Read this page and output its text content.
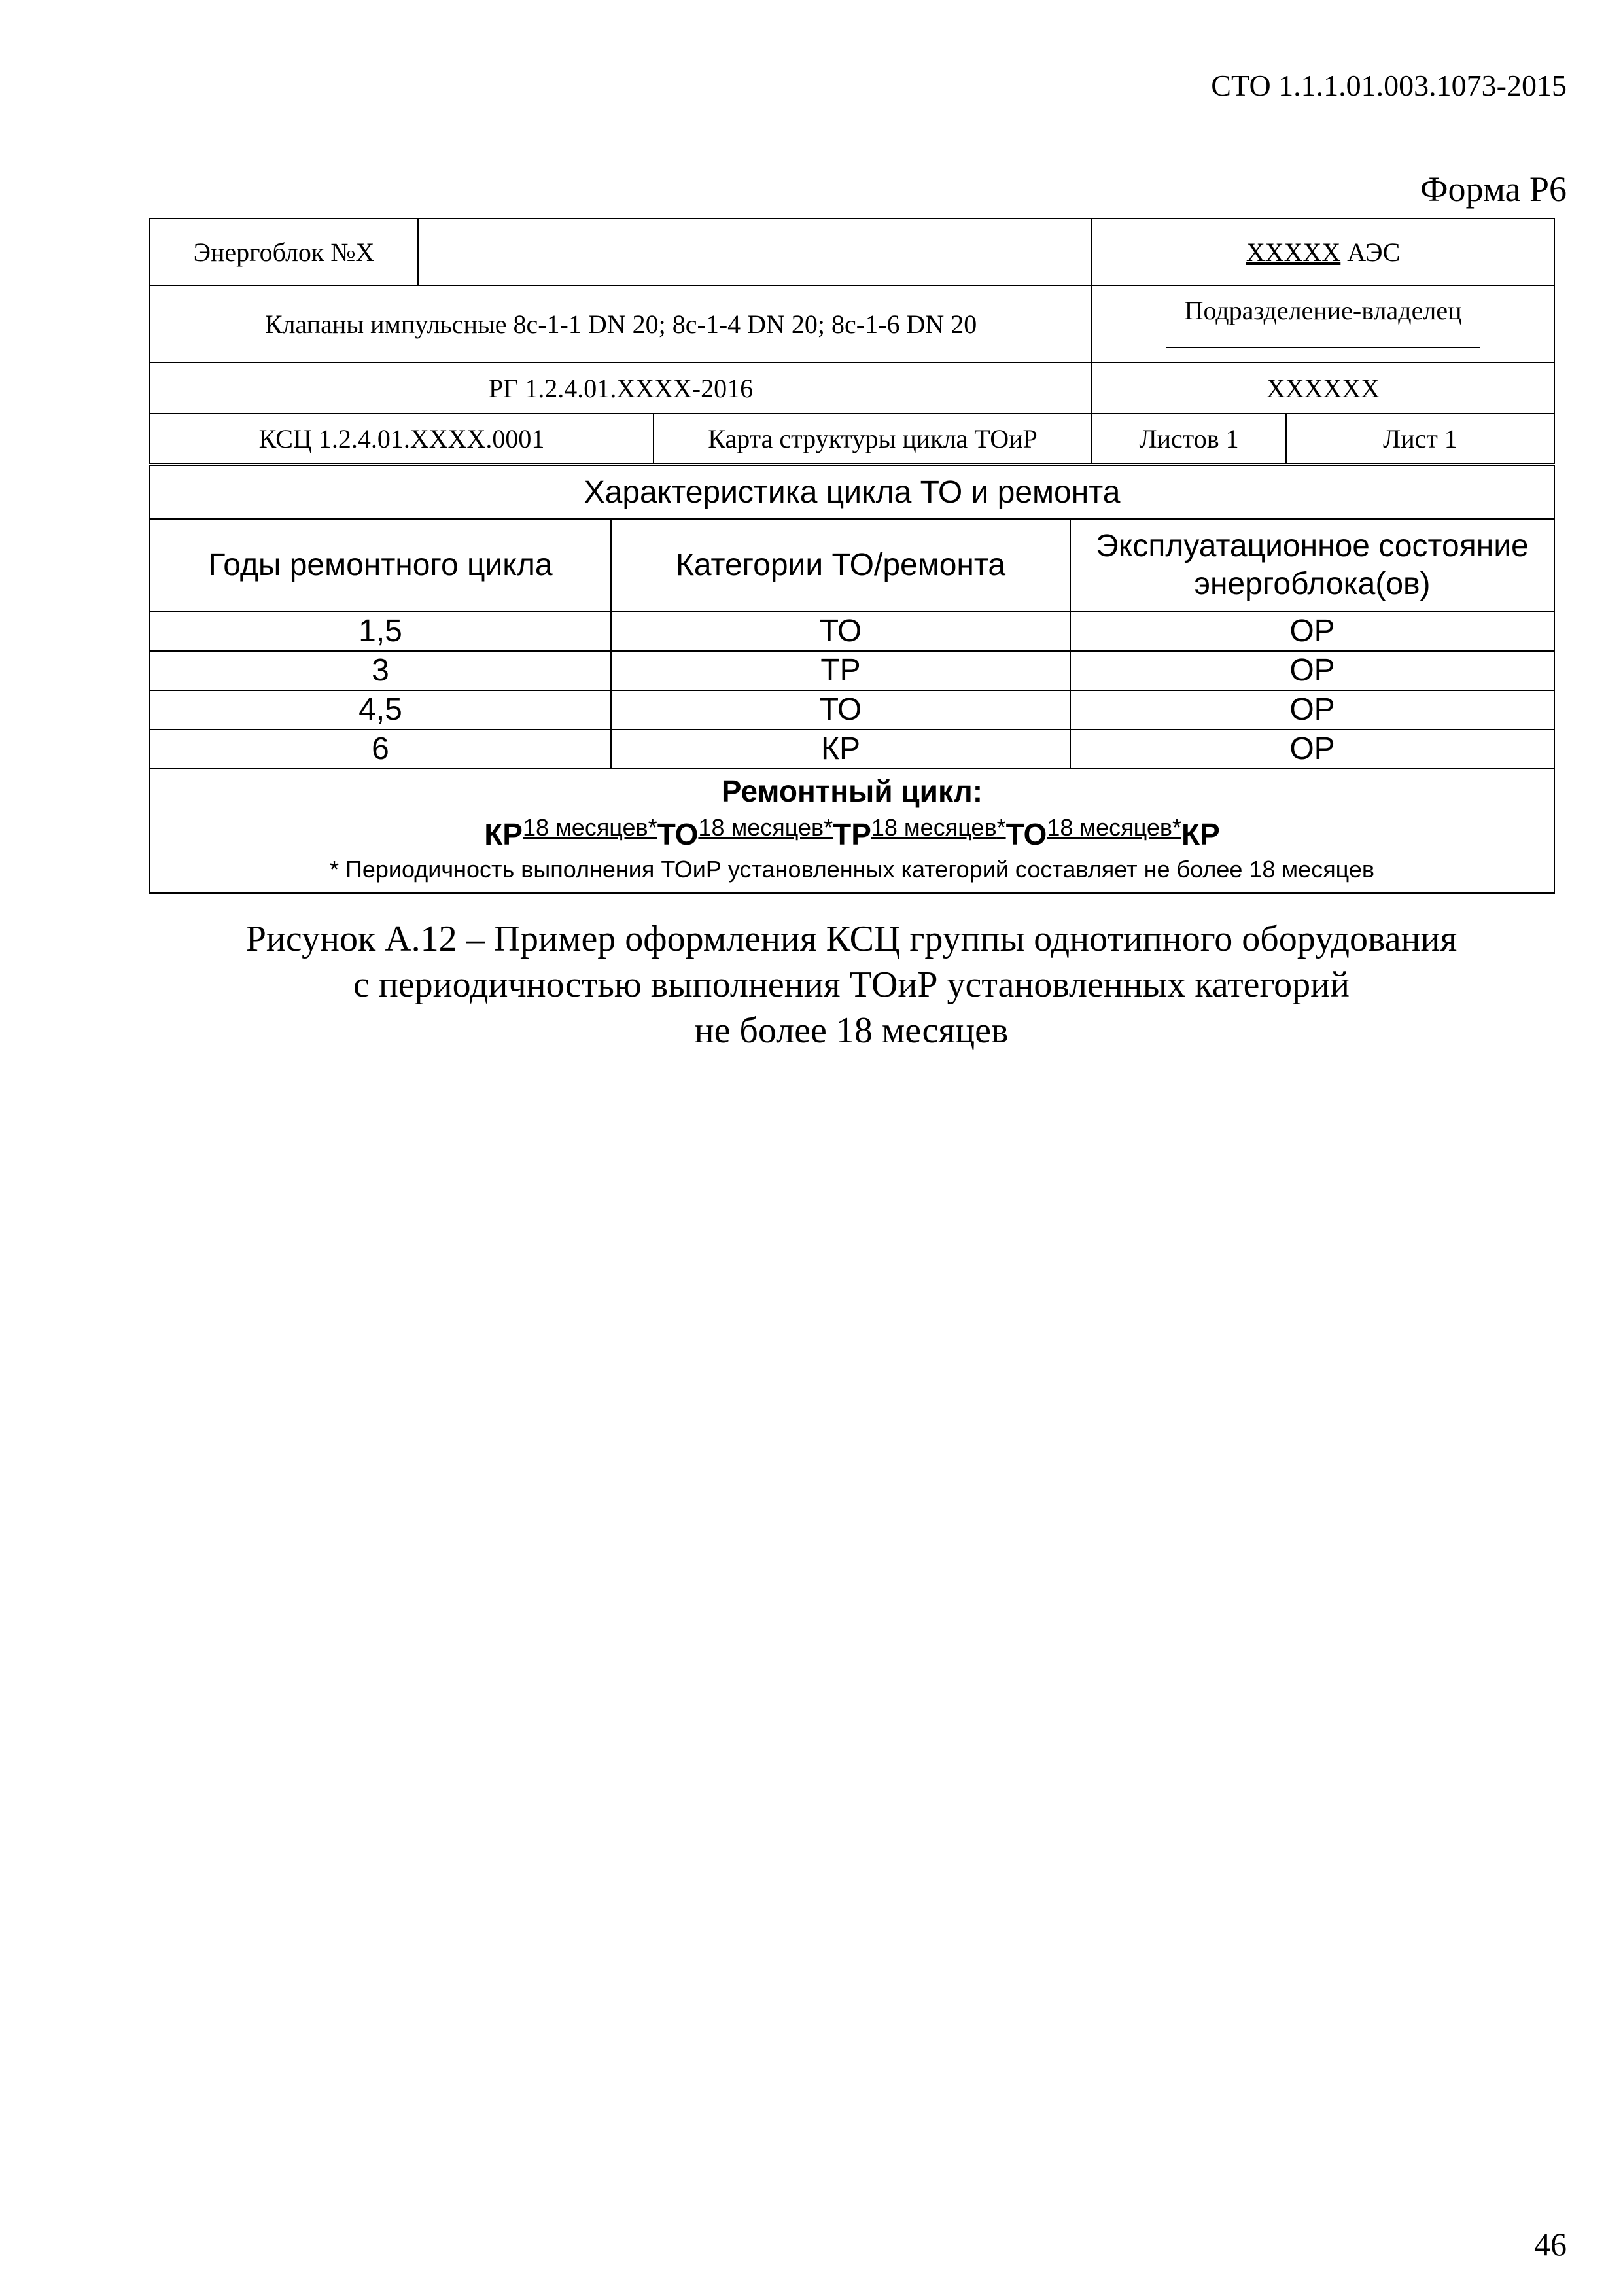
СТО 1.1.1.01.003.1073-2015
Форма Р6
Энергоблок №Х			ХХХХХ АЭС	
Клапаны импульсные 8с-1-1 DN 20; 8с-1-4 DN 20; 8с-1-6 DN 20			Подразделение-владелец	

РГ 1.2.4.01.ХХХХ-2016			ХХХХХХ	
КСЦ 1.2.4.01.ХХХХ.0001		Карта структуры цикла ТОиР	Листов 1	Лист 1
Характеристика цикла ТО и ремонта		
Годы ремонтного цикла	Категории ТО/ремонта	Эксплуатационное состояние энергоблока(ов)
1,5	ТО	ОР
3	ТР	ОР
4,5	ТО	ОР
6	КР	ОР

Ремонтный цикл:
$КР^{18 месяцев*}ТО^{18 месяцев*}ТР^{18 месяцев*}ТО^{18 месяцев*}КР$
* Периодичность выполнения ТОиР установленных категорий составляет не более 18 месяцев		
Рисунок А.12 – Пример оформления КСЦ группы однотипного оборудования
с периодичностью выполнения ТОиР установленных категорий
не более 18 месяцев
46
